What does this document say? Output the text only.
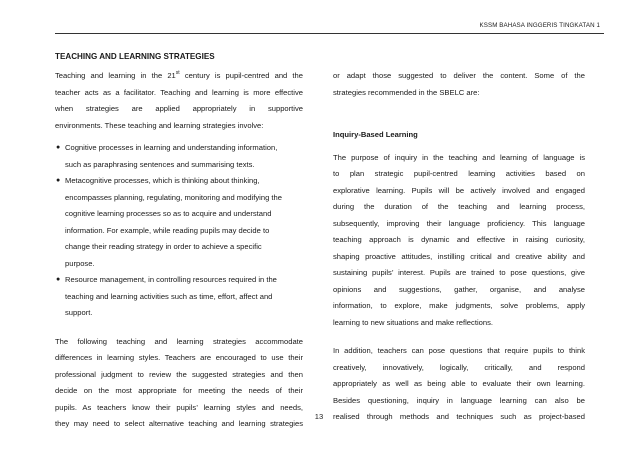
KSSM BAHASA INGGERIS TINGKATAN 1
TEACHING AND LEARNING STRATEGIES
Teaching and learning in the 21st century is pupil-centred and the
teacher acts as a facilitator. Teaching and learning is more effective
when strategies are applied appropriately in supportive
environments. These teaching and learning strategies involve:
● Cognitive processes in learning and understanding information,
such as paraphrasing sentences and summarising texts.
● Metacognitive processes, which is thinking about thinking,
encompasses planning, regulating, monitoring and modifying the
cognitive learning processes so as to acquire and understand
information. For example, while reading pupils may decide to
change their reading strategy in order to achieve a specific
purpose.
● Resource management, in controlling resources required in the
teaching and learning activities such as time, effort, affect and
support.
The following teaching and learning strategies accommodate
differences in learning styles. Teachers are encouraged to use their
professional judgment to review the suggested strategies and then
decide on the most appropriate for meeting the needs of their
pupils. As teachers know their pupils’ learning styles and needs,
they may need to select alternative teaching and learning strategies
or adapt those suggested to deliver the content. Some of the
strategies recommended in the SBELC are:
Inquiry-Based Learning
The purpose of inquiry in the teaching and learning of language is
to plan strategic pupil-centred learning activities based on
explorative learning. Pupils will be actively involved and engaged
during the duration of the teaching and learning process,
subsequently, improving their language proficiency. This language
teaching approach is dynamic and effective in raising curiosity,
shaping proactive attitudes, instilling critical and creative ability and
sustaining pupils’ interest. Pupils are trained to pose questions, give
opinions and suggestions, gather, organise, and analyse
information, to explore, make judgments, solve problems, apply
learning to new situations and make reflections.
In addition, teachers can pose questions that require pupils to think
creatively, innovatively, logically, critically, and respond
appropriately as well as being able to evaluate their own learning.
Besides questioning, inquiry in language learning can also be
realised through methods and techniques such as project-based
13
